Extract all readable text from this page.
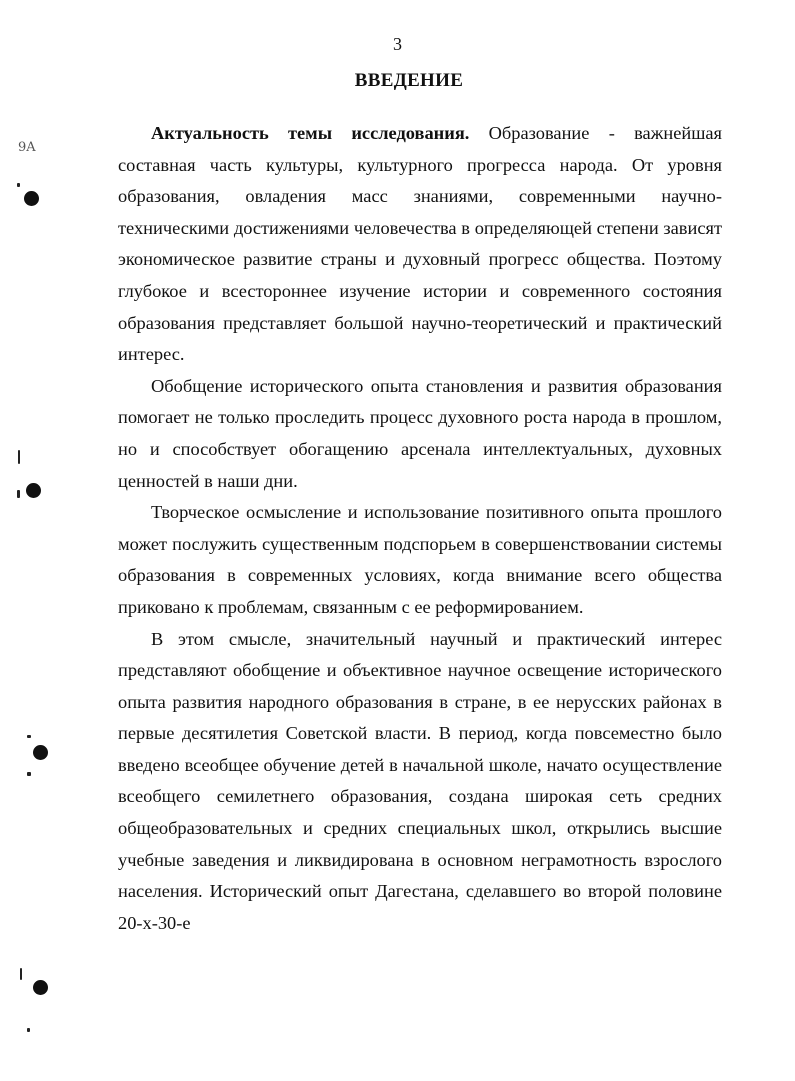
3
ВВЕДЕНИЕ
9A

Актуальность темы исследования. Образование - важнейшая составная часть культуры, культурного прогресса народа. От уровня образования, овладения масс знаниями, современными научно-техническими достижениями человечества в определяющей степени зависят экономическое развитие страны и духовный прогресс общества. Поэтому глубокое и всестороннее изучение истории и современного состояния образования представляет большой научно-теоретический и практический интерес.

Обобщение исторического опыта становления и развития образования помогает не только проследить процесс духовного роста народа в прошлом, но и способствует обогащению арсенала интеллектуальных, духовных ценностей в наши дни.

Творческое осмысление и использование позитивного опыта прошлого может послужить существенным подспорьем в совершенствовании системы образования в современных условиях, когда внимание всего общества приковано к проблемам, связанным с ее реформированием.

В этом смысле, значительный научный и практический интерес представляют обобщение и объективное научное освещение исторического опыта развития народного образования в стране, в ее нерусских районах в первые десятилетия Советской власти. В период, когда повсеместно было введено всеобщее обучение детей в начальной школе, начато осуществление всеобщего семилетнего образования, создана широкая сеть средних общеобразовательных и средних специальных школ, открылись высшие учебные заведения и ликвидирована в основном неграмотность взрослого населения. Исторический опыт Дагестана, сделавшего во второй половине 20-х-30-е
